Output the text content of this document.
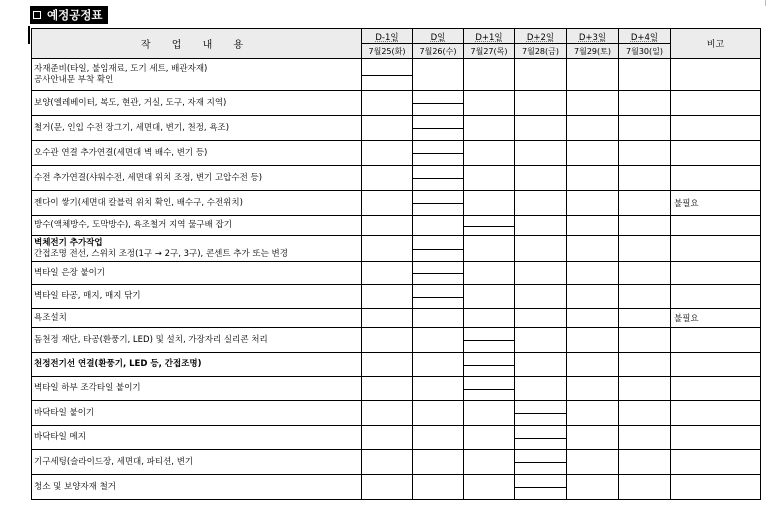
예정공정표
작 업 내 용	D-1일	D일	D+1일	D+2일	D+3일	D+4일	비고
	7월25(화)	7월26(수)	7월27(목)	7월28(금)	7월29(토)	7월30(일)	

자재준비(타일, 불임재료, 도기 세트, 배관자재)
공사안내문 부착 확인							

보양(엘레베이터, 복도, 현관, 거실, 도구, 자재 지역)							

철거(문, 인입 수전 장그기, 세면대, 변기, 천정, 욕조)							

오수관 연결 추가연결(세면대 벽 배수, 변기 등)							

수전 추가연결(샤워수전, 세면대 위치 조정, 변기 고압수전 등)							

젠다이 쌓기(세면대 칼블럭 위치 확인, 배수구, 수전위치)							불필요

방수(액체방수, 도막방수), 욕조철거 지역 물구배 잡기							

벽체전기 추가작업
간접조명 전선, 스위치 조정(1구 → 2구, 3구), 콘센트 추가 또는 변경							

벽타일 은장 붙이기							

벽타일 타공, 매지, 매지 닦기							

욕조설치							불필요

돔천정 재단, 타공(환풍기, LED) 및 설치, 가장자리 실리콘 처리							

천정전기선 연결(환풍기, LED 등, 간접조명)							

벽타일 하부 조각타일 붙이기							

바닥타일 붙이기							

바닥타일 메지							

기구세팅(슬라이드장, 세면대, 파티션, 변기							

청소 및 보양자재 철거							
